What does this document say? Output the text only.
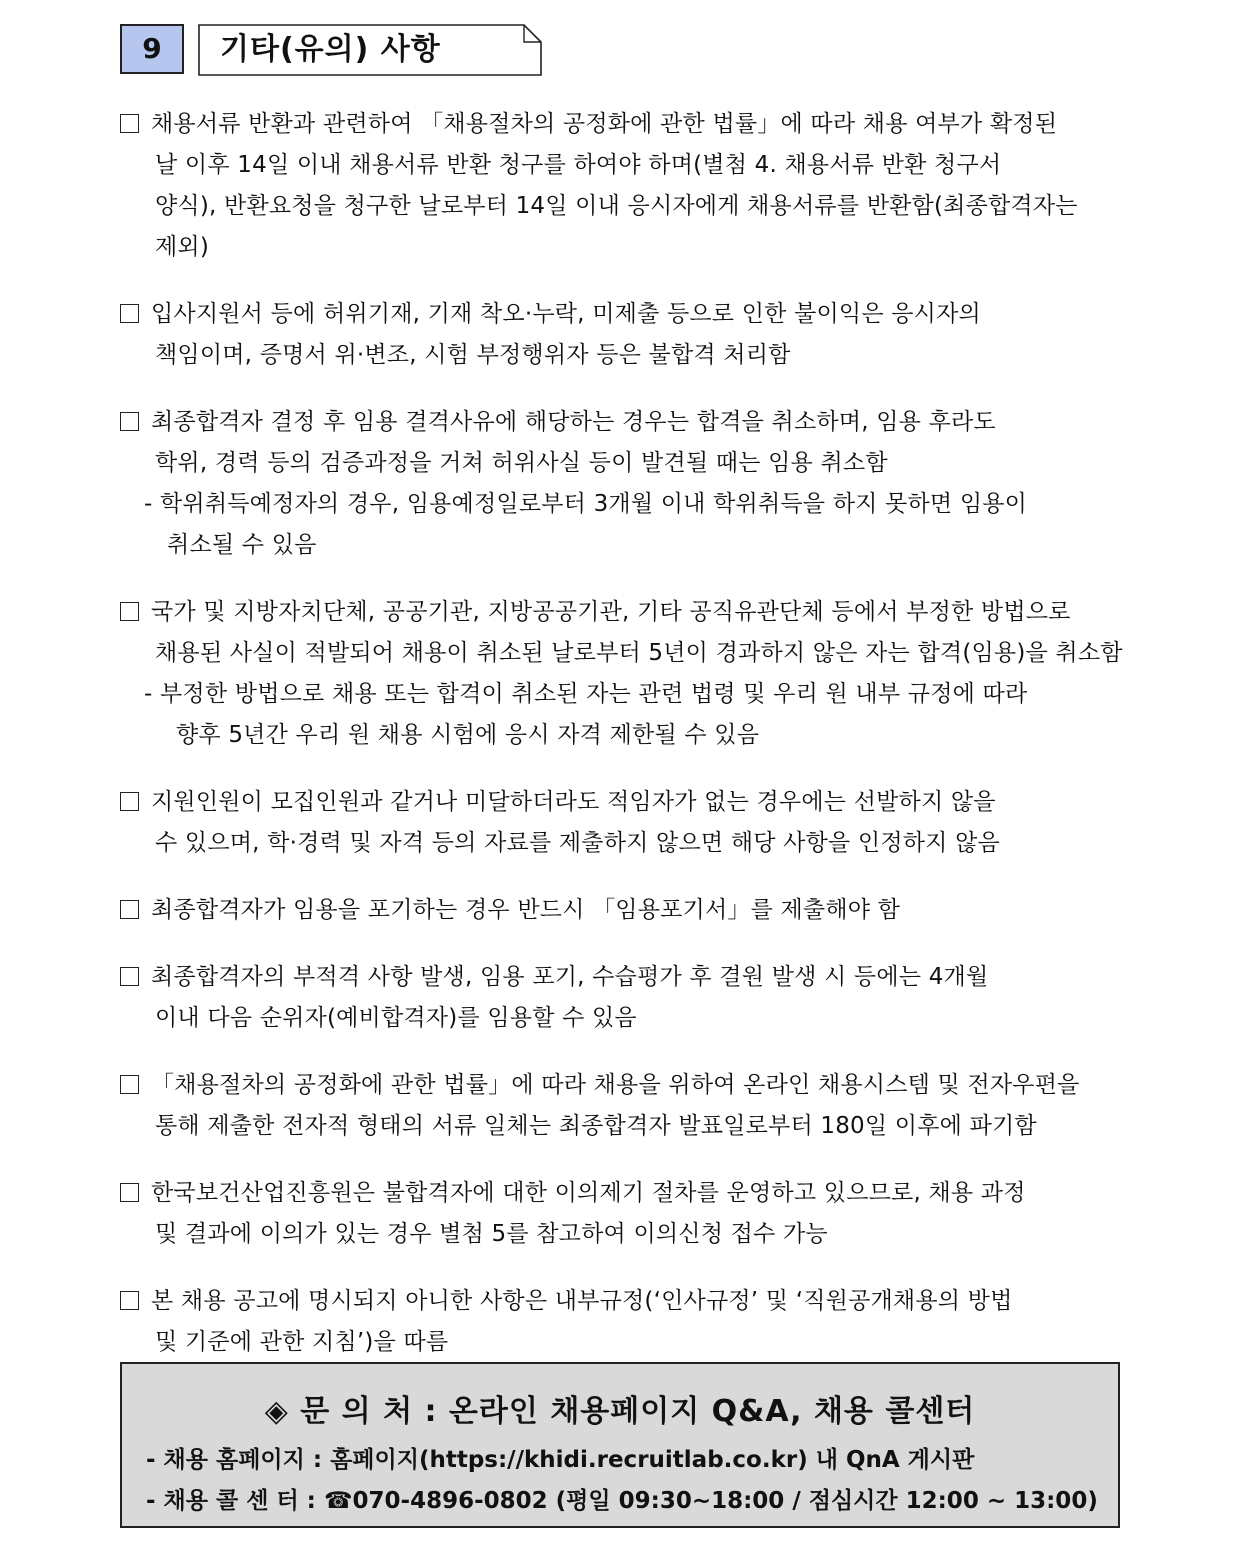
9	기타(유의) 사항
채용서류 반환과 관련하여 「채용절차의 공정화에 관한 법률」에 따라 채용 여부가 확정된
날 이후 14일 이내 채용서류 반환 청구를 하여야 하며(별첨 4. 채용서류 반환 청구서
양식), 반환요청을 청구한 날로부터 14일 이내 응시자에게 채용서류를 반환함(최종합격자는
제외)
입사지원서 등에 허위기재, 기재 착오·누락, 미제출 등으로 인한 불이익은 응시자의
책임이며, 증명서 위·변조, 시험 부정행위자 등은 불합격 처리함
최종합격자 결정 후 임용 결격사유에 해당하는 경우는 합격을 취소하며, 임용 후라도
학위, 경력 등의 검증과정을 거쳐 허위사실 등이 발견될 때는 임용 취소함
- 학위취득예정자의 경우, 임용예정일로부터 3개월 이내 학위취득을 하지 못하면 임용이
취소될 수 있음
국가 및 지방자치단체, 공공기관, 지방공공기관, 기타 공직유관단체 등에서 부정한 방법으로
채용된 사실이 적발되어 채용이 취소된 날로부터 5년이 경과하지 않은 자는 합격(임용)을 취소함
- 부정한 방법으로 채용 또는 합격이 취소된 자는 관련 법령 및 우리 원 내부 규정에 따라
향후 5년간 우리 원 채용 시험에 응시 자격 제한될 수 있음
지원인원이 모집인원과 같거나 미달하더라도 적임자가 없는 경우에는 선발하지 않을
수 있으며, 학·경력 및 자격 등의 자료를 제출하지 않으면 해당 사항을 인정하지 않음
최종합격자가 임용을 포기하는 경우 반드시 「임용포기서」를 제출해야 함
최종합격자의 부적격 사항 발생, 임용 포기, 수습평가 후 결원 발생 시 등에는 4개월
이내 다음 순위자(예비합격자)를 임용할 수 있음
「채용절차의 공정화에 관한 법률」에 따라 채용을 위하여 온라인 채용시스템 및 전자우편을
통해 제출한 전자적 형태의 서류 일체는 최종합격자 발표일로부터 180일 이후에 파기함
한국보건산업진흥원은 불합격자에 대한 이의제기 절차를 운영하고 있으므로, 채용 과정
및 결과에 이의가 있는 경우 별첨 5를 참고하여 이의신청 접수 가능
본 채용 공고에 명시되지 아니한 사항은 내부규정(‘인사규정’ 및 ‘직원공개채용의 방법
및 기준에 관한 지침’)을 따름
◈ 문 의 처 : 온라인 채용페이지 Q&A, 채용 콜센터
- 채용 홈페이지 : 홈페이지(https://khidi.recruitlab.co.kr) 내 QnA 게시판
- 채용 콜 센 터 : ☎070-4896-0802 (평일 09:30~18:00 / 점심시간 12:00 ~ 13:00)
